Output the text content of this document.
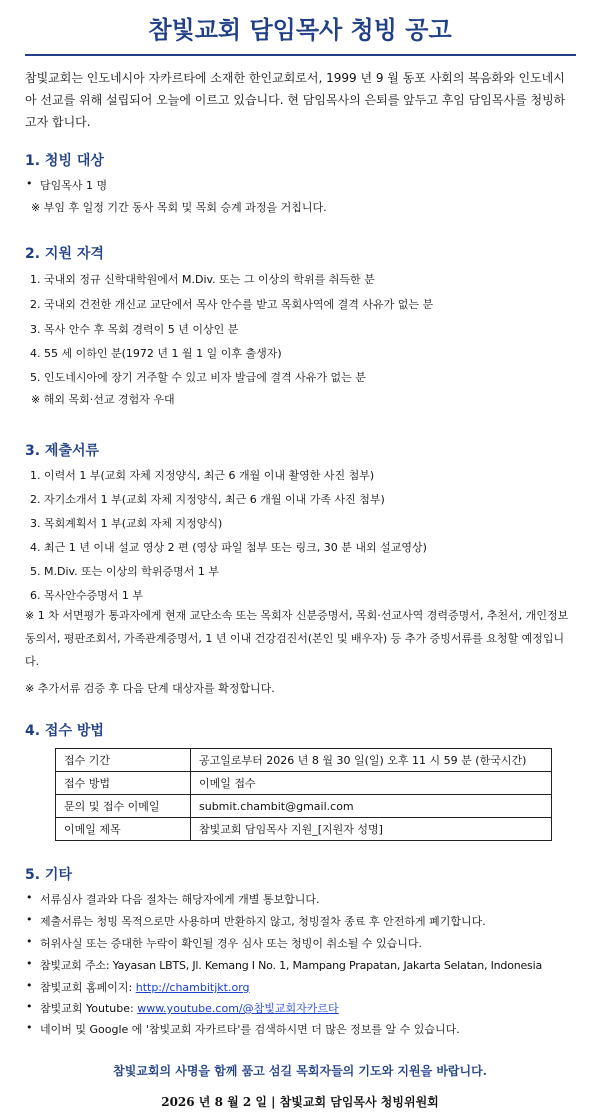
참빛교회 담임목사 청빙 공고
참빛교회는 인도네시아 자카르타에 소재한 한인교회로서, 1999 년 9 월 동포 사회의 복음화와 인도네시아 선교를 위해 설립되어 오늘에 이르고 있습니다. 현 담임목사의 은퇴를 앞두고 후임 담임목사를 청빙하고자 합니다.
1. 청빙 대상
• 담임목사 1 명
※ 부임 후 일정 기간 동사 목회 및 목회 승계 과정을 거칩니다.
2. 지원 자격
1. 국내외 정규 신학대학원에서 M.Div. 또는 그 이상의 학위를 취득한 분
2. 국내외 건전한 개신교 교단에서 목사 안수를 받고 목회사역에 결격 사유가 없는 분
3. 목사 안수 후 목회 경력이 5 년 이상인 분
4. 55 세 이하인 분(1972 년 1 월 1 일 이후 출생자)
5. 인도네시아에 장기 거주할 수 있고 비자 발급에 결격 사유가 없는 분
※ 해외 목회·선교 경험자 우대
3. 제출서류
1. 이력서 1 부(교회 자체 지정양식, 최근 6 개월 이내 촬영한 사진 첨부)
2. 자기소개서 1 부(교회 자체 지정양식, 최근 6 개월 이내 가족 사진 첨부)
3. 목회계획서 1 부(교회 자체 지정양식)
4. 최근 1 년 이내 설교 영상 2 편 (영상 파일 첨부 또는 링크, 30 분 내외 설교영상)
5. M.Div. 또는 이상의 학위증명서 1 부
6. 목사안수증명서 1 부
※ 1 차 서면평가 통과자에게 현재 교단소속 또는 목회자 신분증명서, 목회·선교사역 경력증명서, 추천서, 개인정보동의서, 평판조회서, 가족관계증명서, 1 년 이내 건강검진서(본인 및 배우자) 등 추가 증빙서류를 요청할 예정입니다.
※ 추가서류 검증 후 다음 단계 대상자를 확정합니다.
4. 접수 방법
접수 기간	공고일로부터 2026 년 8 월 30 일(일) 오후 11 시 59 분 (한국시간)
접수 방법	이메일 접수
문의 및 접수 이메일	submit.chambit@gmail.com
이메일 제목	참빛교회 담임목사 지원_[지원자 성명]
5. 기타
• 서류심사 결과와 다음 절차는 해당자에게 개별 통보합니다.
• 제출서류는 청빙 목적으로만 사용하며 반환하지 않고, 청빙절차 종료 후 안전하게 폐기합니다.
• 허위사실 또는 증대한 누락이 확인될 경우 심사 또는 청빙이 취소될 수 있습니다.
• 참빛교회 주소: Yayasan LBTS, Jl. Kemang I No. 1, Mampang Prapatan, Jakarta Selatan, Indonesia
• 참빛교회 홈페이지: http://chambitjkt.org
• 참빛교회 Youtube: www.youtube.com/@참빛교회자카르타
• 네이버 및 Google 에 '참빛교회 자카르타'를 검색하시면 더 많은 정보를 알 수 있습니다.
참빛교회의 사명을 함께 품고 섬길 목회자들의 기도와 지원을 바랍니다.
2026 년 8 월 2 일 | 참빛교회 담임목사 청빙위원회
